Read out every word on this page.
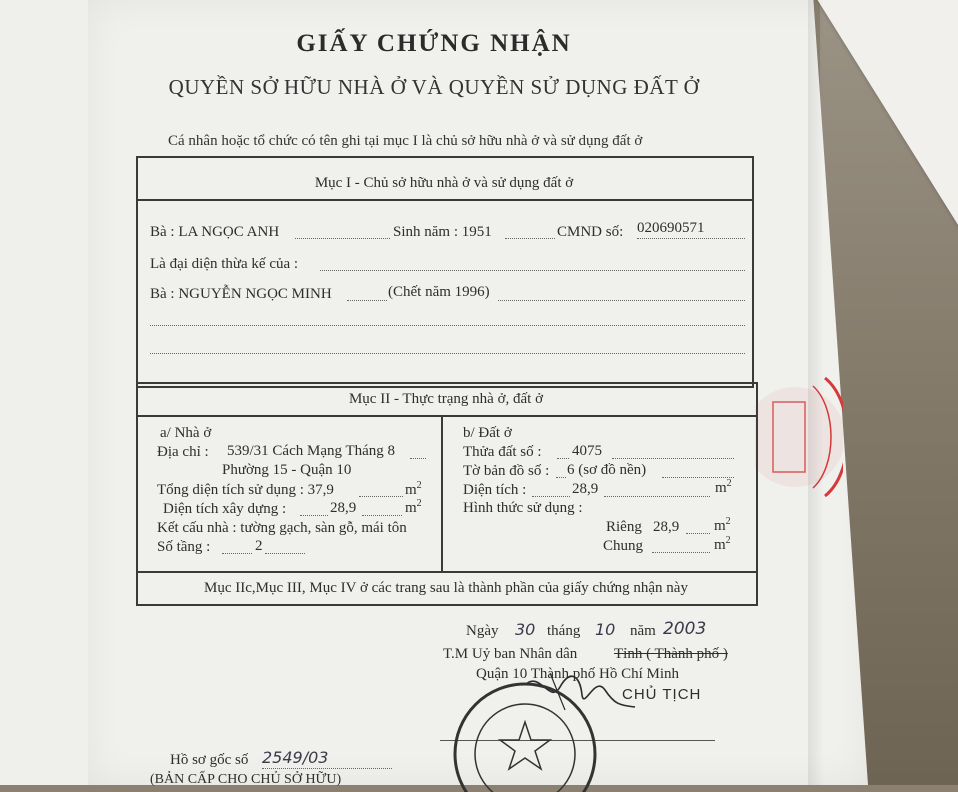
GIẤY CHỨNG NHẬN
QUYỀN SỞ HỮU NHÀ Ở VÀ QUYỀN SỬ DỤNG ĐẤT Ở
Cá nhân hoặc tổ chức có tên ghi tại mục I là chủ sở hữu nhà ở và sử dụng đất ở
Mục I - Chủ sở hữu nhà ở và sử dụng đất ở
Bà : LA NGỌC ANH	Sinh năm : 1951	CMND số: 020690571
Là đại diện thừa kế của :
Bà : NGUYỄN NGỌC MINH	(Chết năm 1996)
Mục II - Thực trạng nhà ở, đất ở
a/ Nhà ở
Địa chỉ : 539/31 Cách Mạng Tháng 8
Phường 15 - Quận 10
Tổng diện tích sử dụng : 37,9	$m^2$
Diện tích xây dựng :	28,9	$m^2$
Kết cấu nhà : tường gạch, sàn gỗ, mái tôn
Số tầng :	2
b/ Đất ở
Thửa đất số : 4075
Tờ bản đồ số : 6 (sơ đồ nền)
Diện tích :	28,9	$m^2$
Hình thức sử dụng :
Riêng 28,9 $m^2$
Chung	$m^2$
Mục IIc,Mục III, Mục IV ở các trang sau là thành phần của giấy chứng nhận này
Ngày 30 tháng 10 năm 2003
T.M Uỷ ban Nhân dân Tỉnh ( Thành phố )
Quận 10 Thành phố Hồ Chí Minh
CHỦ TỊCH
Hồ sơ gốc số 2549/03
(BẢN CẤP CHO CHỦ SỞ HỮU)
